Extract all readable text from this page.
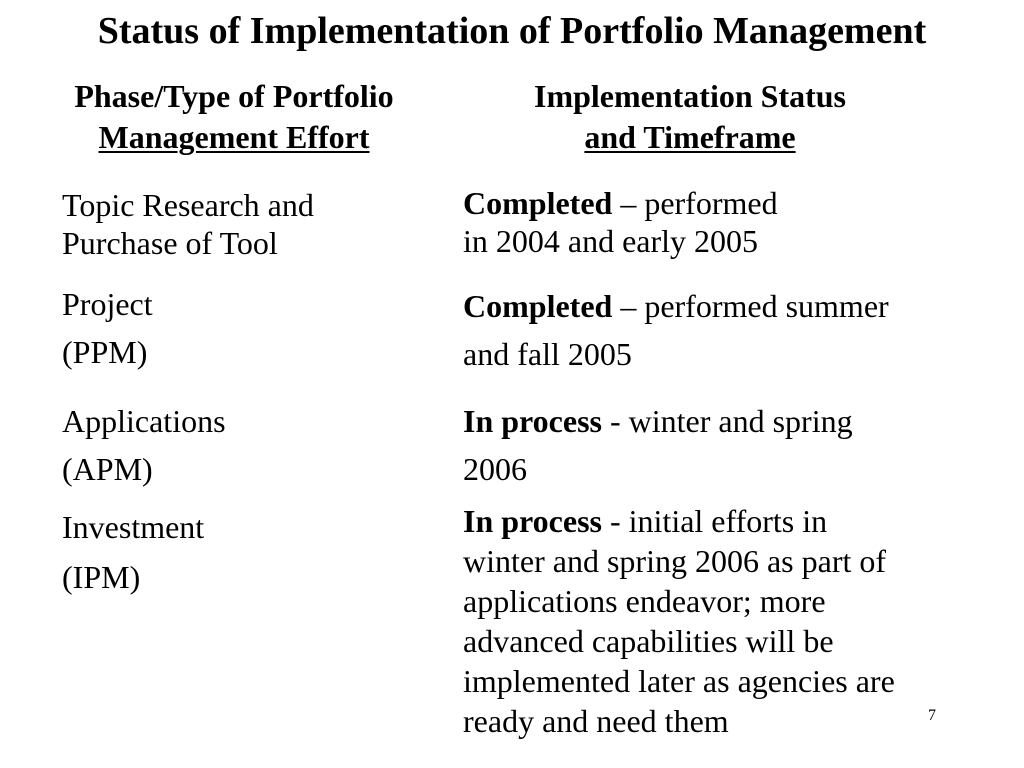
Status of Implementation of Portfolio Management
Phase/Type of Portfolio
Management Effort
Implementation Status
and Timeframe
Topic Research and
Purchase of Tool
Completed – performed
in 2004 and early 2005
Project
(PPM)
Completed – performed summer
and fall 2005
Applications
(APM)
In process - winter and spring
2006
Investment
(IPM)
In process - initial efforts in
winter and spring 2006 as part of
applications endeavor; more
advanced capabilities will be
implemented later as agencies are
ready and need them	7
